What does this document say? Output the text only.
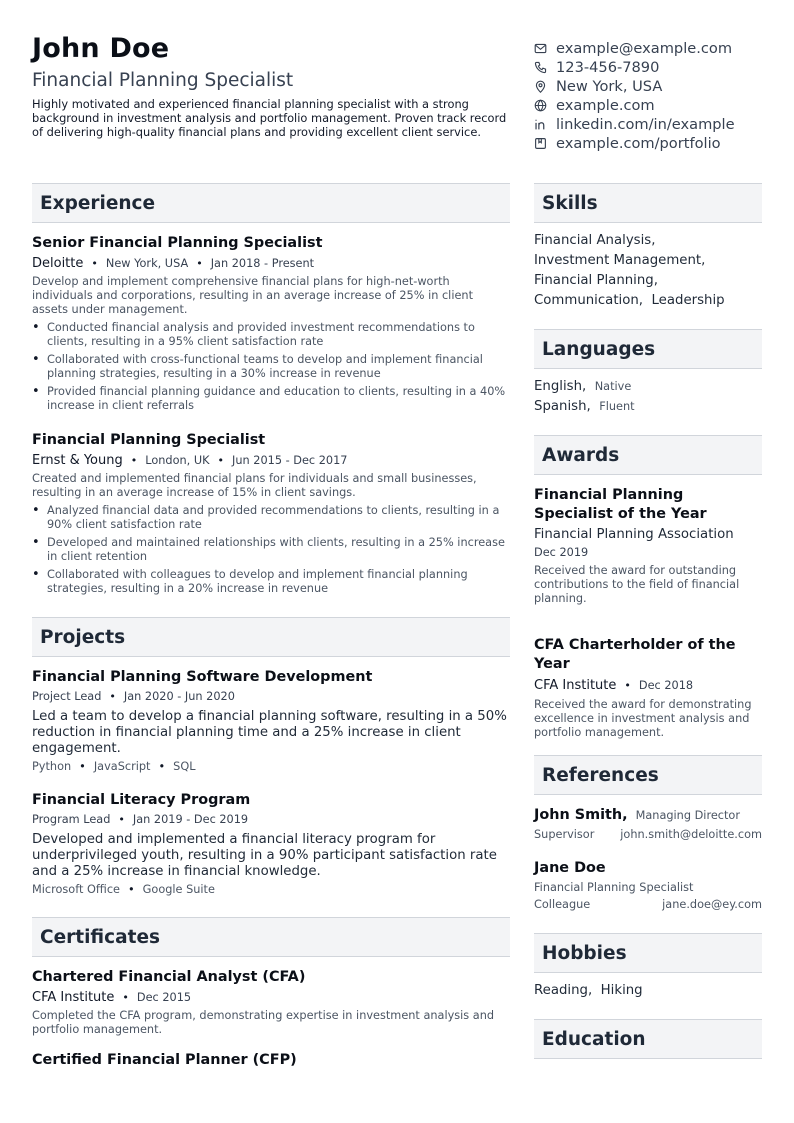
John Doe
Financial Planning Specialist
Highly motivated and experienced financial planning specialist with a strong background in investment analysis and portfolio management. Proven track record of delivering high-quality financial plans and providing excellent client service.
example@example.com
123-456-7890
New York, USA
example.com
linkedin.com/in/example
example.com/portfolio
Experience
Senior Financial Planning Specialist
Deloitte • New York, USA • Jan 2018 - Present
Develop and implement comprehensive financial plans for high-net-worth individuals and corporations, resulting in an average increase of 25% in client assets under management.
• Conducted financial analysis and provided investment recommendations to clients, resulting in a 95% client satisfaction rate
• Collaborated with cross-functional teams to develop and implement financial planning strategies, resulting in a 30% increase in revenue
• Provided financial planning guidance and education to clients, resulting in a 40% increase in client referrals
Financial Planning Specialist
Ernst & Young • London, UK • Jun 2015 - Dec 2017
Created and implemented financial plans for individuals and small businesses, resulting in an average increase of 15% in client savings.
• Analyzed financial data and provided recommendations to clients, resulting in a 90% client satisfaction rate
• Developed and maintained relationships with clients, resulting in a 25% increase in client retention
• Collaborated with colleagues to develop and implement financial planning strategies, resulting in a 20% increase in revenue
Projects
Financial Planning Software Development
Project Lead • Jan 2020 - Jun 2020
Led a team to develop a financial planning software, resulting in a 50% reduction in financial planning time and a 25% increase in client engagement.
Python • JavaScript • SQL
Financial Literacy Program
Program Lead • Jan 2019 - Dec 2019
Developed and implemented a financial literacy program for underprivileged youth, resulting in a 90% participant satisfaction rate and a 25% increase in financial knowledge.
Microsoft Office • Google Suite
Certificates
Chartered Financial Analyst (CFA)
CFA Institute • Dec 2015
Completed the CFA program, demonstrating expertise in investment analysis and portfolio management.
Certified Financial Planner (CFP)
Skills
Financial Analysis,
Investment Management,
Financial Planning,
Communication, Leadership
Languages
English, Native
Spanish, Fluent
Awards
Financial Planning Specialist of the Year
Financial Planning Association
Dec 2019
Received the award for outstanding contributions to the field of financial planning.
CFA Charterholder of the Year
CFA Institute • Dec 2018
Received the award for demonstrating excellence in investment analysis and portfolio management.
References
John Smith, Managing Director
Supervisor john.smith@deloitte.com
Jane Doe
Financial Planning Specialist
Colleague	jane.doe@ey.com
Hobbies
Reading, Hiking
Education
